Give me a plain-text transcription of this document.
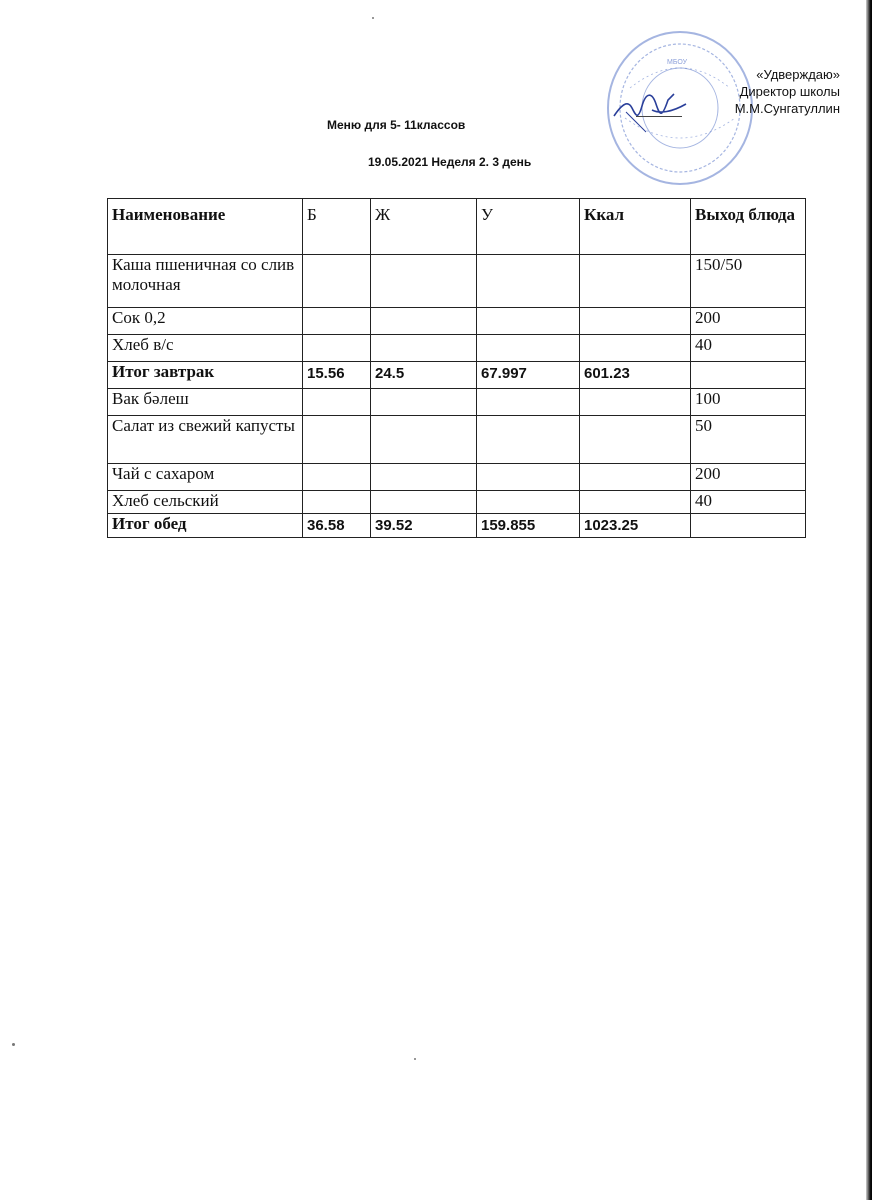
МБОУ
«Удверждаю»
Директор школы
М.М.Сунгатуллин
Меню для 5- 11классов
19.05.2021 Неделя 2. 3 день
Наименование	Б	Ж	У	Ккал	Выход блюда
Каша пшеничная со слив молочная					150/50
Сок 0,2					200
Хлеб в/с					40
Итог завтрак	15.56	24.5	67.997	601.23	
Вак бәлеш					100
Салат из свежий капусты					50
Чай с сахаром					200
Хлеб сельский					40
Итог обед	36.58	39.52	159.855	1023.25	
